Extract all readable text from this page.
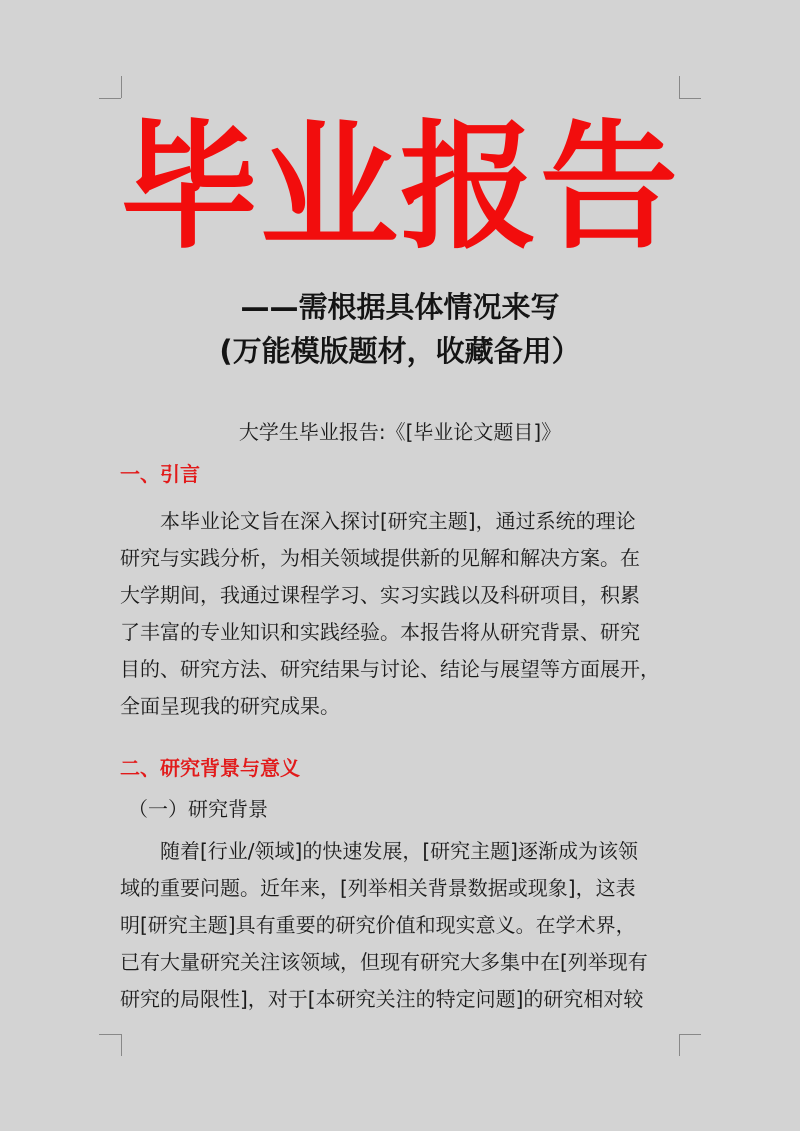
毕业报告
——需根据具体情况来写
(万能模版题材，收藏备用）
大学生毕业报告:《[毕业论文题目]》
一、引言

　　本毕业论文旨在深入探讨[研究主题]，通过系统的理论
研究与实践分析，为相关领域提供新的见解和解决方案。在
大学期间，我通过课程学习、实习实践以及科研项目，积累
了丰富的专业知识和实践经验。本报告将从研究背景、研究
目的、研究方法、研究结果与讨论、结论与展望等方面展开，
全面呈现我的研究成果。

二、研究背景与意义
（一）研究背景

　　随着[行业/领域]的快速发展，[研究主题]逐渐成为该领
域的重要问题。近年来，[列举相关背景数据或现象]，这表
明[研究主题]具有重要的研究价值和现实意义。在学术界，
已有大量研究关注该领域，但现有研究大多集中在[列举现有
研究的局限性]，对于[本研究关注的特定问题]的研究相对较
